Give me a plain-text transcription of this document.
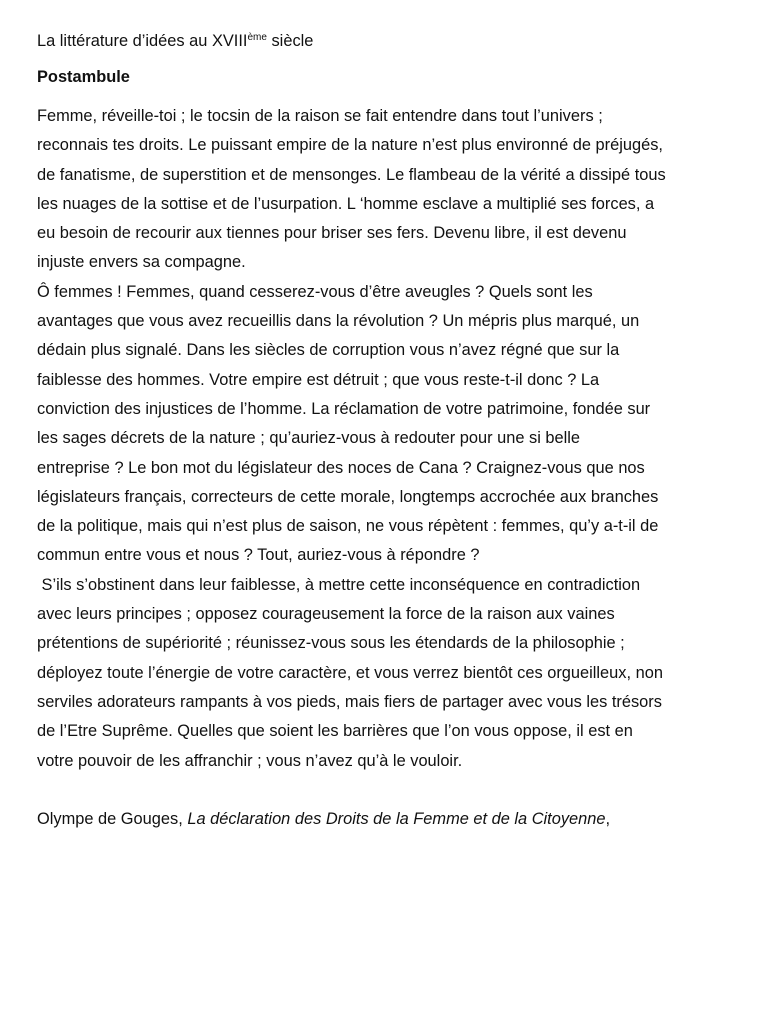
La littérature d’idées au XVIIIème siècle
Postambule
Femme, réveille-toi ; le tocsin de la raison se fait entendre dans tout l’univers ;
reconnais tes droits. Le puissant empire de la nature n’est plus environné de préjugés,
de fanatisme, de superstition et de mensonges. Le flambeau de la vérité a dissipé tous
les nuages de la sottise et de l’usurpation. L ‘homme esclave a multiplié ses forces, a
eu besoin de recourir aux tiennes pour briser ses fers. Devenu libre, il est devenu
injuste envers sa compagne.
Ô femmes ! Femmes, quand cesserez-vous d’être aveugles ? Quels sont les
avantages que vous avez recueillis dans la révolution ? Un mépris plus marqué, un
dédain plus signalé. Dans les siècles de corruption vous n’avez régné que sur la
faiblesse des hommes. Votre empire est détruit ; que vous reste-t-il donc ? La
conviction des injustices de l’homme. La réclamation de votre patrimoine, fondée sur
les sages décrets de la nature ; qu’auriez-vous à redouter pour une si belle
entreprise ? Le bon mot du législateur des noces de Cana ? Craignez-vous que nos
législateurs français, correcteurs de cette morale, longtemps accrochée aux branches
de la politique, mais qui n’est plus de saison, ne vous répètent : femmes, qu’y a-t-il de
commun entre vous et nous ? Tout, auriez-vous à répondre ?
S’ils s’obstinent dans leur faiblesse, à mettre cette inconséquence en contradiction
avec leurs principes ; opposez courageusement la force de la raison aux vaines
prétentions de supériorité ; réunissez-vous sous les étendards de la philosophie ;
déployez toute l’énergie de votre caractère, et vous verrez bientôt ces orgueilleux, non
serviles adorateurs rampants à vos pieds, mais fiers de partager avec vous les trésors
de l’Etre Suprême. Quelles que soient les barrières que l’on vous oppose, il est en
votre pouvoir de les affranchir ; vous n’avez qu’à le vouloir.
Olympe de Gouges, La déclaration des Droits de la Femme et de la Citoyenne,
